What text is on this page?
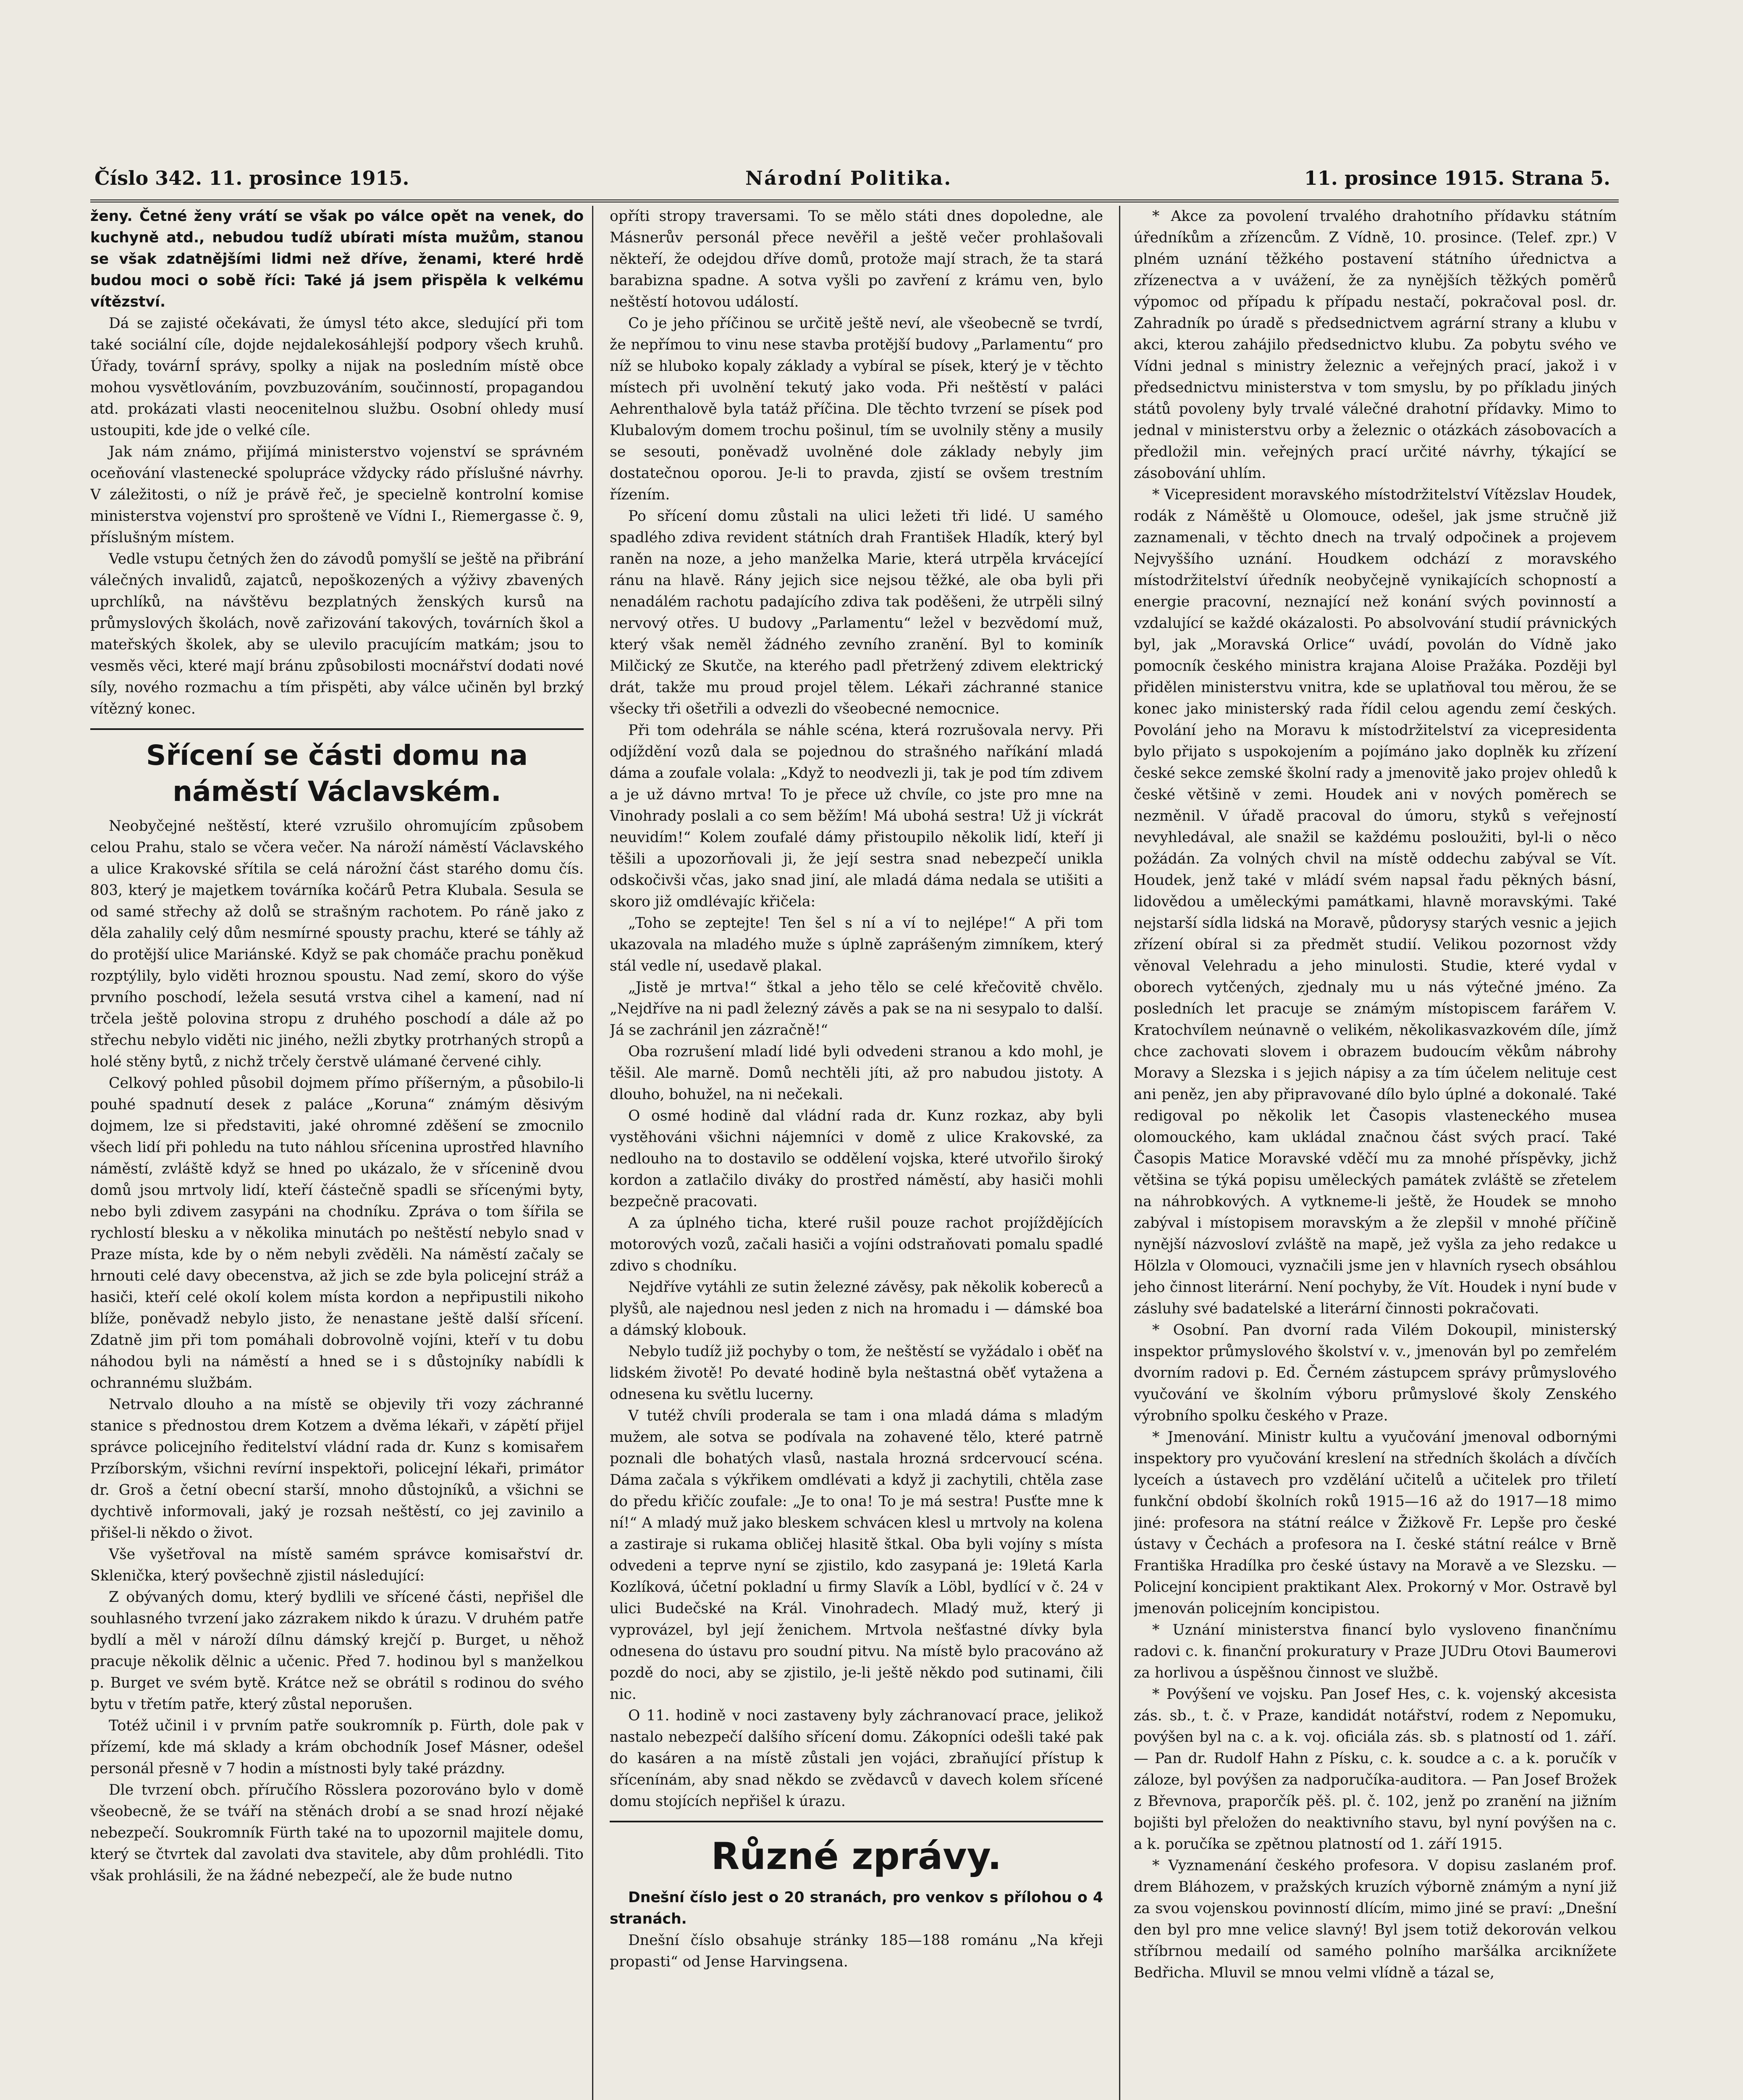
Číslo 342. 11. prosince 1915.	Národní Politika.	11. prosince 1915. Strana 5.

ženy. Četné ženy vrátí se však po válce opět na venek, do kuchyně atd., nebudou tudíž ubírati místa mužům, stanou se však zdatnějšími lidmi než dříve, ženami, které hrdě budou moci o sobě říci: Také já jsem přispěla k velkému vítězství.

Dá se zajisté očekávati, že úmysl této akce, sledující při tom také sociální cíle, dojde nejdalekosáhlejší podpory všech kruhů. Úřady, továrnÍ správy, spolky a nijak na posledním místě obce mohou vysvětlováním, povzbuzováním, součinností, propagandou atd. prokázati vlasti neocenitelnou službu. Osobní ohledy musí ustoupiti, kde jde o velké cíle.

Jak nám známo, přijímá ministerstvo vojenství se správném oceňování vlastenecké spolupráce vždycky rádo příslušné návrhy. V záležitosti, o níž je právě řeč, je specielně kontrolní komise ministerstva vojenství pro sprošteně ve Vídni I., Riemergasse č. 9, příslušným místem.

Vedle vstupu četných žen do závodů pomyšlí se ještě na přibrání válečných invalidů, zajatců, nepoškozených a výživy zbavených uprchlíků, na návštěvu bezplatných ženských kursů na průmyslových školách, nově zařizování takových, továrních škol a mateřských školek, aby se ulevilo pracujícím matkám; jsou to vesměs věci, které mají bránu způsobilosti mocnářství dodati nové síly, nového rozmachu a tím přispěti, aby válce učiněn byl brzký vítězný konec.

Sřícení se části domu na náměstí Václavském.

Neobyčejné neštěstí, které vzrušilo ohromujícím způsobem celou Prahu, stalo se včera večer. Na nároží náměstí Václavského a ulice Krakovské sřítila se celá nárožní část starého domu čís. 803, který je majetkem továrníka kočárů Petra Klubala. Sesula se od samé střechy až dolů se strašným rachotem. Po ráně jako z děla zahalily celý dům nesmírné spousty prachu, které se táhly až do protější ulice Mariánské. Když se pak chomáče prachu poněkud rozptýlily, bylo viděti hroznou spoustu. Nad zemí, skoro do výše prvního poschodí, ležela sesutá vrstva cihel a kamení, nad ní trčela ještě polovina stropu z druhého poschodí a dále až po střechu nebylo viděti nic jiného, nežli zbytky protrhaných stropů a holé stěny bytů, z nichž trčely čerstvě ulámané červené cihly.

Celkový pohled působil dojmem přímo příšerným, a působilo-li pouhé spadnutí desek z paláce „Koruna“ známým děsivým dojmem, lze si představiti, jaké ohromné zděšení se zmocnilo všech lidí při pohledu na tuto náhlou sřícenina uprostřed hlavního náměstí, zvláště když se hned po ukázalo, že v sřícenině dvou domů jsou mrtvoly lidí, kteří částečně spadli se sřícenými byty, nebo byli zdivem zasypáni na chodníku. Zpráva o tom šířila se rychlostí blesku a v několika minutách po neštěstí nebylo snad v Praze místa, kde by o něm nebyli zvěděli. Na náměstí začaly se hrnouti celé davy obecenstva, až jich se zde byla policejní stráž a hasiči, kteří celé okolí kolem místa kordon a nepřipustili nikoho blíže, poněvadž nebylo jisto, že nenastane ještě další sřícení. Zdatně jim při tom pomáhali dobrovolně vojíni, kteří v tu dobu náhodou byli na náměstí a hned se i s důstojníky nabídli k ochrannému službám.

Netrvalo dlouho a na místě se objevily tři vozy záchranné stanice s přednostou drem Kotzem a dvěma lékaři, v zápětí přijel správce policejního ředitelství vládní rada dr. Kunz s komisařem Przíborským, všichni revírní inspektoři, policejní lékaři, primátor dr. Groš a četní obecní starší, mnoho důstojníků, a všichni se dychtivě informovali, jaký je rozsah neštěstí, co jej zavinilo a přišel-li někdo o život.

Vše vyšetřoval na místě samém správce komisařství dr. Sklenička, který povšechně zjistil následující:

Z obývaných domu, který bydlili ve sřícené části, nepřišel dle souhlasného tvrzení jako zázrakem nikdo k úrazu. V druhém patře bydlí a měl v nároží dílnu dámský krejčí p. Burget, u něhož pracuje několik dělnic a učenic. Před 7. hodinou byl s manželkou p. Burget ve svém bytě. Krátce než se obrátil s rodinou do svého bytu v třetím patře, který zůstal neporušen.

Totéž učinil i v prvním patře soukromník p. Fürth, dole pak v přízemí, kde má sklady a krám obchodník Josef Másner, odešel personál přesně v 7 hodin a místnosti byly také prázdny.

Dle tvrzení obch. příručího Rösslera pozorováno bylo v domě všeobecně, že se tváří na stěnách drobí a se snad hrozí nějaké nebezpečí. Soukromník Fürth také na to upozornil majitele domu, který se čtvrtek dal zavolati dva stavitele, aby dům prohlédli. Tito však prohlásili, že na žádné nebezpečí, ale že bude nutno

opříti stropy traversami. To se mělo státi dnes dopoledne, ale Másnerův personál přece nevěřil a ještě večer prohlašovali někteří, že odejdou dříve domů, protože mají strach, že ta stará barabizna spadne. A sotva vyšli po zavření z krámu ven, bylo neštěstí hotovou událostí.

Co je jeho příčinou se určitě ještě neví, ale všeobecně se tvrdí, že nepřímou to vinu nese stavba protější budovy „Parlamentu“ pro níž se hluboko kopaly základy a vybíral se písek, který je v těchto místech při uvolnění tekutý jako voda. Při neštěstí v paláci Aehrenthalově byla tatáž příčina. Dle těchto tvrzení se písek pod Klubalovým domem trochu pošinul, tím se uvolnily stěny a musily se sesouti, poněvadž uvolněné dole základy nebyly jim dostatečnou oporou. Je-li to pravda, zjistí se ovšem trestním řízením.

Po sřícení domu zůstali na ulici ležeti tři lidé. U samého spadlého zdiva revident státních drah František Hladík, který byl raněn na noze, a jeho manželka Marie, která utrpěla krvácející ránu na hlavě. Rány jejich sice nejsou těžké, ale oba byli při nenadálém rachotu padajícího zdiva tak poděšeni, že utrpěli silný nervový otřes. U budovy „Parlamentu“ ležel v bezvědomí muž, který však neměl žádného zevního zranění. Byl to kominík Milčický ze Skutče, na kterého padl přetržený zdivem elektrický drát, takže mu proud projel tělem. Lékaři záchranné stanice všecky tři ošetřili a odvezli do všeobecné nemocnice.

Při tom odehrála se náhle scéna, která rozrušovala nervy. Při odjíždění vozů dala se pojednou do strašného naříkání mladá dáma a zoufale volala: „Když to neodvezli ji, tak je pod tím zdivem a je už dávno mrtva! To je přece už chvíle, co jste pro mne na Vinohrady poslali a co sem běžím! Má ubohá sestra! Už ji víckrát neuvidím!“ Kolem zoufalé dámy přistoupilo několik lidí, kteří ji těšili a upozorňovali ji, že její sestra snad nebezpečí unikla odskočivši včas, jako snad jiní, ale mladá dáma nedala se utišiti a skoro již omdlévajíc křičela:

„Toho se zeptejte! Ten šel s ní a ví to nejlépe!“ A při tom ukazovala na mladého muže s úplně zaprášeným zimníkem, který stál vedle ní, usedavě plakal.

„Jistě je mrtva!“ štkal a jeho tělo se celé křečovitě chvělo. „Nejdříve na ni padl železný závěs a pak se na ni sesypalo to další. Já se zachránil jen zázračně!“

Oba rozrušení mladí lidé byli odvedeni stranou a kdo mohl, je těšil. Ale marně. Domů nechtěli jíti, až pro nabudou jistoty. A dlouho, bohužel, na ni nečekali.

O osmé hodině dal vládní rada dr. Kunz rozkaz, aby byli vystěhováni všichni nájemníci v domě z ulice Krakovské, za nedlouho na to dostavilo se oddělení vojska, které utvořilo široký kordon a zatlačilo diváky do prostřed náměstí, aby hasiči mohli bezpečně pracovati.

A za úplného ticha, které rušil pouze rachot projíždějících motorových vozů, začali hasiči a vojíni odstraňovati pomalu spadlé zdivo s chodníku.

Nejdříve vytáhli ze sutin železné závěsy, pak několik kobereců a plyšů, ale najednou nesl jeden z nich na hromadu i — dámské boa a dámský klobouk.

Nebylo tudíž již pochyby o tom, že neštěstí se vyžádalo i oběť na lidském životě! Po devaté hodině byla neštastná oběť vytažena a odnesena ku světlu lucerny.

V tutéž chvíli proderala se tam i ona mladá dáma s mladým mužem, ale sotva se podívala na zohavené tělo, které patrně poznali dle bohatých vlasů, nastala hrozná srdcervoucí scéna. Dáma začala s výkřikem omdlévati a když ji zachytili, chtěla zase do předu křičíc zoufale: „Je to ona! To je má sestra! Pusťte mne k ní!“ A mladý muž jako bleskem schvácen klesl u mrtvoly na kolena a zastiraje si rukama obličej hlasitě štkal. Oba byli vojíny s místa odvedeni a teprve nyní se zjistilo, kdo zasypaná je: 19letá Karla Kozlíková, účetní pokladní u firmy Slavík a Löbl, bydlící v č. 24 v ulici Budečské na Král. Vinohradech. Mladý muž, který ji vyprovázel, byl její ženichem. Mrtvola nešťastné dívky byla odnesena do ústavu pro soudní pitvu. Na místě bylo pracováno až pozdě do noci, aby se zjistilo, je-li ještě někdo pod sutinami, čili nic.

O 11. hodině v noci zastaveny byly záchranovací prace, jelikož nastalo nebezpečí dalšího sřícení domu. Zákopníci odešli také pak do kasáren a na místě zůstali jen vojáci, zbraňující přístup k sřícenínám, aby snad někdo se zvědavců v davech kolem sřícené domu stojících nepřišel k úrazu.

Různé zprávy.

Dnešní číslo jest o 20 stranách, pro venkov s přílohou o 4 stranách.

Dnešní číslo obsahuje stránky 185—188 románu „Na křeji propasti“ od Jense Harvingsena.

* Akce za povolení trvalého drahotního přídavku státním úředníkům a zřízencům. Z Vídně, 10. prosince. (Telef. zpr.) V plném uznání těžkého postavení státního úřednictva a zřízenectva a v uvážení, že za nynějších těžkých poměrů výpomoc od případu k případu nestačí, pokračoval posl. dr. Zahradník po úradě s předsednictvem agrární strany a klubu v akci, kterou zahájilo předsednictvo klubu. Za pobytu svého ve Vídni jednal s ministry železnic a veřejných prací, jakož i v předsednictvu ministerstva v tom smyslu, by po příkladu jiných států povoleny byly trvalé válečné drahotní přídavky. Mimo to jednal v ministerstvu orby a železnic o otázkách zásobovacích a předložil min. veřejných prací určité návrhy, týkající se zásobování uhlím.

* Vicepresident moravského místodržitelství Vítězslav Houdek, rodák z Náměště u Olomouce, odešel, jak jsme stručně již zaznamenali, v těchto dnech na trvalý odpočinek a projevem Nejvyššího uznání. Houdkem odchází z moravského místodržitelství úředník neobyčejně vynikajících schopností a energie pracovní, neznající než konání svých povinností a vzdalující se každé okázalosti. Po absolvování studií právnických byl, jak „Moravská Orlice“ uvádí, povolán do Vídně jako pomocník českého ministra krajana Aloise Pražáka. Později byl přidělen ministerstvu vnitra, kde se uplatňoval tou měrou, že se konec jako ministerský rada řídil celou agendu zemí českých. Povolání jeho na Moravu k místodržitelství za vicepresidenta bylo přijato s uspokojením a pojímáno jako doplněk ku zřízení české sekce zemské školní rady a jmenovitě jako projev ohledů k české většině v zemi. Houdek ani v nových poměrech se nezměnil. V úřadě pracoval do úmoru, styků s veřejností nevyhledával, ale snažil se každému posloužiti, byl-li o něco požádán. Za volných chvil na místě oddechu zabýval se Vít. Houdek, jenž také v mládí svém napsal řadu pěkných básní, lidovědou a uměleckými památkami, hlavně moravskými. Také nejstarší sídla lidská na Moravě, půdorysy starých vesnic a jejich zřízení obíral si za předmět studií. Velikou pozornost vždy věnoval Velehradu a jeho minulosti. Studie, které vydal v oborech vytčených, zjednaly mu u nás výtečné jméno. Za posledních let pracuje se známým místopiscem farářem V. Kratochvílem neúnavně o velikém, několikasvazkovém díle, jímž chce zachovati slovem i obrazem budoucím věkům nábrohy Moravy a Slezska i s jejich nápisy a za tím účelem nelituje cest ani peněz, jen aby připravované dílo bylo úplné a dokonalé. Také redigoval po několik let Časopis vlasteneckého musea olomouckého, kam ukládal značnou část svých prací. Také Časopis Matice Moravské vděčí mu za mnohé příspěvky, jichž většina se týká popisu uměleckých památek zvláště se zřetelem na náhrobkových. A vytkneme-li ještě, že Houdek se mnoho zabýval i místopisem moravským a že zlepšil v mnohé příčině nynější názvosloví zvláště na mapě, jež vyšla za jeho redakce u Hölzla v Olomouci, vyznačili jsme jen v hlavních rysech obsáhlou jeho činnost literární. Není pochyby, že Vít. Houdek i nyní bude v zásluhy své badatelské a literární činnosti pokračovati.

* Osobní. Pan dvorní rada Vilém Dokoupil, ministerský inspektor průmyslového školství v. v., jmenován byl po zemřelém dvorním radovi p. Ed. Černém zástupcem správy průmyslového vyučování ve školním výboru průmyslové školy Zenského výrobního spolku českého v Praze.

* Jmenování. Ministr kultu a vyučování jmenoval odbornými inspektory pro vyučování kreslení na středních školách a dívčích lyceích a ústavech pro vzdělání učitelů a učitelek pro třiletí funkční období školních roků 1915—16 až do 1917—18 mimo jiné: profesora na státní reálce v Žižkově Fr. Lepše pro české ústavy v Čechách a profesora na I. české státní reálce v Brně Františka Hradílka pro české ústavy na Moravě a ve Slezsku. — Policejní koncipient praktikant Alex. Prokorný v Mor. Ostravě byl jmenován policejním koncipistou.

* Uznání ministerstva financí bylo vysloveno finančnímu radovi c. k. finanční prokuratury v Praze JUDru Otovi Baumerovi za horlivou a úspěšnou činnost ve službě.

* Povýšení ve vojsku. Pan Josef Hes, c. k. vojenský akcesista zás. sb., t. č. v Praze, kandidát notářství, rodem z Nepomuku, povýšen byl na c. a k. voj. oficiála zás. sb. s platností od 1. září. — Pan dr. Rudolf Hahn z Písku, c. k. soudce a c. a k. poručík v záloze, byl povýšen za nadporučíka-auditora. — Pan Josef Brožek z Břevnova, praporčík pěš. pl. č. 102, jenž po zranění na jižním bojišti byl přeložen do neaktivního stavu, byl nyní povýšen na c. a k. poručíka se zpětnou platností od 1. září 1915.

* Vyznamenání českého profesora. V dopisu zaslaném prof. drem Bláhozem, v pražských kruzích výborně známým a nyní již za svou vojenskou povinností dlícím, mimo jiné se praví: „Dnešní den byl pro mne velice slavný! Byl jsem totiž dekorován velkou stříbrnou medailí od samého polního maršálka arciknížete Bedřicha. Mluvil se mnou velmi vlídně a tázal se,
